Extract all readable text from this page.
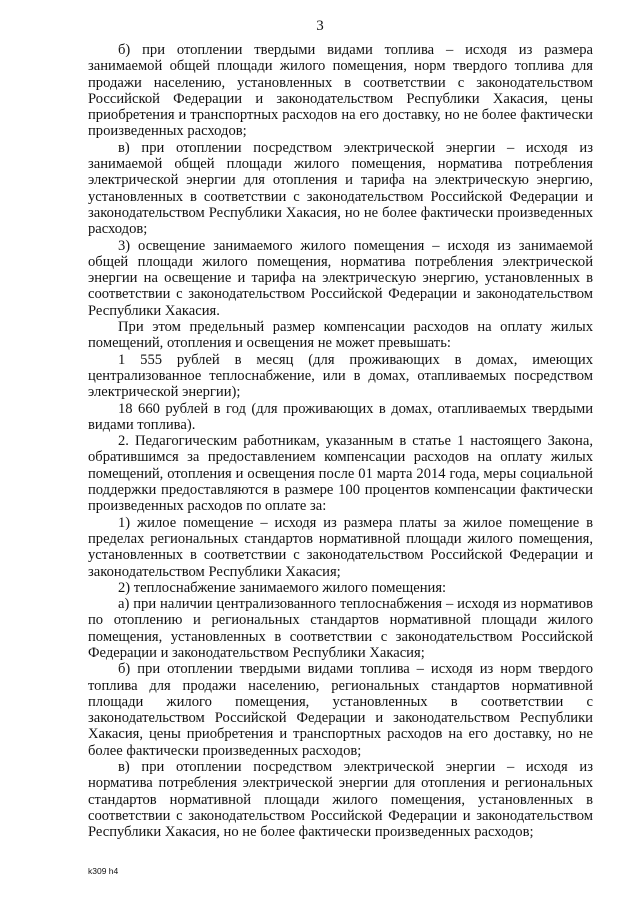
3

б) при отоплении твердыми видами топлива – исходя из размера занимаемой общей площади жилого помещения, норм твердого топлива для продажи населению, установленных в соответствии с законодательством Российской Федерации и законодательством Республики Хакасия, цены приобретения и транспортных расходов на его доставку, но не более фактически произведенных расходов;

в) при отоплении посредством электрической энергии – исходя из занимаемой общей площади жилого помещения, норматива потребления электрической энергии для отопления и тарифа на электрическую энергию, установленных в соответствии с законодательством Российской Федерации и законодательством Республики Хакасия, но не более фактически произведенных расходов;

3) освещение занимаемого жилого помещения – исходя из занимаемой общей площади жилого помещения, норматива потребления электрической энергии на освещение и тарифа на электрическую энергию, установленных в соответствии с законодательством Российской Федерации и законодательством Республики Хакасия.

При этом предельный размер компенсации расходов на оплату жилых помещений, отопления и освещения не может превышать:

1 555 рублей в месяц (для проживающих в домах, имеющих централизованное теплоснабжение, или в домах, отапливаемых посредством электрической энергии);

18 660 рублей в год (для проживающих в домах, отапливаемых твердыми видами топлива).

2. Педагогическим работникам, указанным в статье 1 настоящего Закона, обратившимся за предоставлением компенсации расходов на оплату жилых помещений, отопления и освещения после 01 марта 2014 года, меры социальной поддержки предоставляются в размере 100 процентов компенсации фактически произведенных расходов по оплате за:

1) жилое помещение – исходя из размера платы за жилое помещение в пределах региональных стандартов нормативной площади жилого помещения, установленных в соответствии с законодательством Российской Федерации и законодательством Республики Хакасия;

2) теплоснабжение занимаемого жилого помещения:

а) при наличии централизованного теплоснабжения – исходя из нормативов по отоплению и региональных стандартов нормативной площади жилого помещения, установленных в соответствии с законодательством Российской Федерации и законодательством Республики Хакасия;

б) при отоплении твердыми видами топлива – исходя из норм твердого топлива для продажи населению, региональных стандартов нормативной площади жилого помещения, установленных в соответствии с законодательством Российской Федерации и законодательством Республики Хакасия, цены приобретения и транспортных расходов на его доставку, но не более фактически произведенных расходов;

в) при отоплении посредством электрической энергии – исходя из норматива потребления электрической энергии для отопления и региональных стандартов нормативной площади жилого помещения, установленных в соответствии с законодательством Российской Федерации и законодательством Республики Хакасия, но не более фактически произведенных расходов;

k309 h4
